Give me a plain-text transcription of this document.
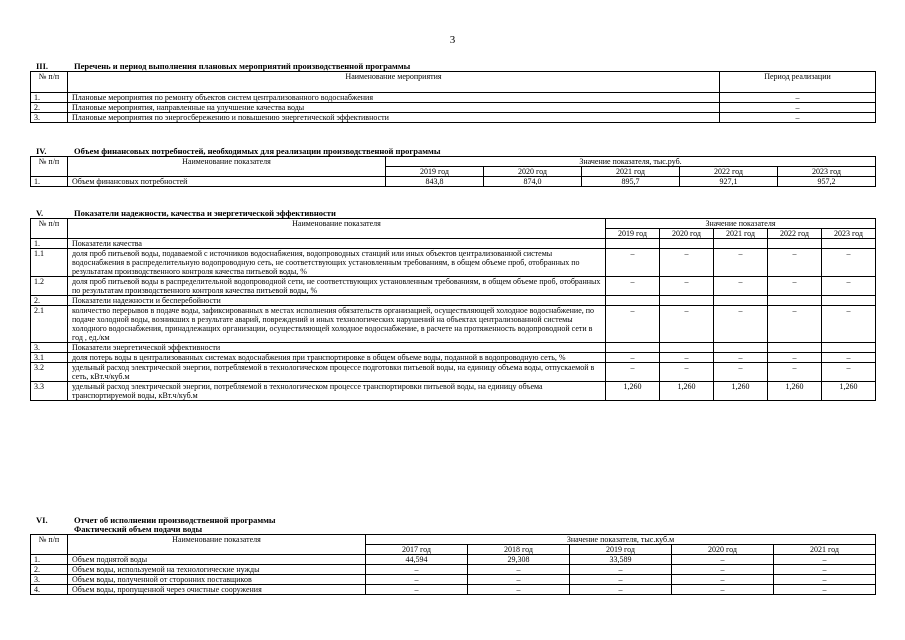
3
III.	Перечень и период выполнения плановых мероприятий производственной программы
№ п/п	Наименование мероприятия	Период реализации
1.	Плановые мероприятия по ремонту объектов систем централизованного водоснабжения	–
2.	Плановые мероприятия, направленные на улучшение качества воды	–
3.	Плановые мероприятия по энергосбережению и повышению энергетической эффективности	–
IV.	Объем финансовых потребностей, необходимых для реализации производственной программы
№ п/п	Наименование показателя	Значение показателя, тыс.руб.				
		2019 год	2020 год	2021 год	2022 год	2023 год
1.	Объем финансовых потребностей	843,8	874,0	895,7	927,1	957,2
V.	Показатели надежности, качества и энергетической эффективности
№ п/п	Наименование показателя	Значение показателя				
		2019 год	2020 год	2021 год	2022 год	2023 год
1.	Показатели качества					
1.1	доля проб питьевой воды, подаваемой с источников водоснабжения, водопроводных станций или иных объектов централизованной системы водоснабжения в распределительную водопроводную сеть, не соответствующих установленным требованиям, в общем объеме проб, отобранных по результатам производственного контроля качества питьевой воды, %	–	–	–	–	–
1.2	доля проб питьевой воды в распределительной водопроводной сети, не соответствующих установленным требованиям, в общем объеме проб, отобранных по результатам производственного контроля качества питьевой воды, %	–	–	–	–	–
2.	Показатели надежности и бесперебойности					
2.1	количество перерывов в подаче воды, зафиксированных в местах исполнения обязательств организацией, осуществляющей холодное водоснабжение, по подаче холодной воды, возникших в результате аварий, повреждений и иных технологических нарушений на объектах централизованной системы холодного водоснабжения, принадлежащих организации, осуществляющей холодное водоснабжение, в расчете на протяженность водопроводной сети в год , ед./км	–	–	–	–	–
3.	Показатели энергетической эффективности					
3.1	доля потерь воды в централизованных системах водоснабжения при транспортировке в общем объеме воды, поданной в водопроводную сеть, %	–	–	–	–	–
3.2	удельный расход электрической энергии, потребляемой в технологическом процессе подготовки питьевой воды, на единицу объема воды, отпускаемой в сеть, кВт.ч/куб.м	–	–	–	–	–
3.3	удельный расход электрической энергии, потребляемой в технологическом процессе транспортировки питьевой воды, на единицу объема транспортируемой воды, кВт.ч/куб.м	1,260	1,260	1,260	1,260	1,260
VI.	Отчет об исполнении производственной программы
Фактический объем подачи воды
№ п/п	Наименование показателя	Значение показателя, тыс.куб.м				
		2017 год	2018 год	2019 год	2020 год	2021 год
1.	Объем поднятой воды	44,594	29,308	33,589	–	–
2.	Объем воды, используемой на технологические нужды	–	–	–	–	–
3.	Объем воды, полученной от сторонних поставщиков	–	–	–	–	–
4.	Объем воды, пропущенной через очистные сооружения	–	–	–	–	–
